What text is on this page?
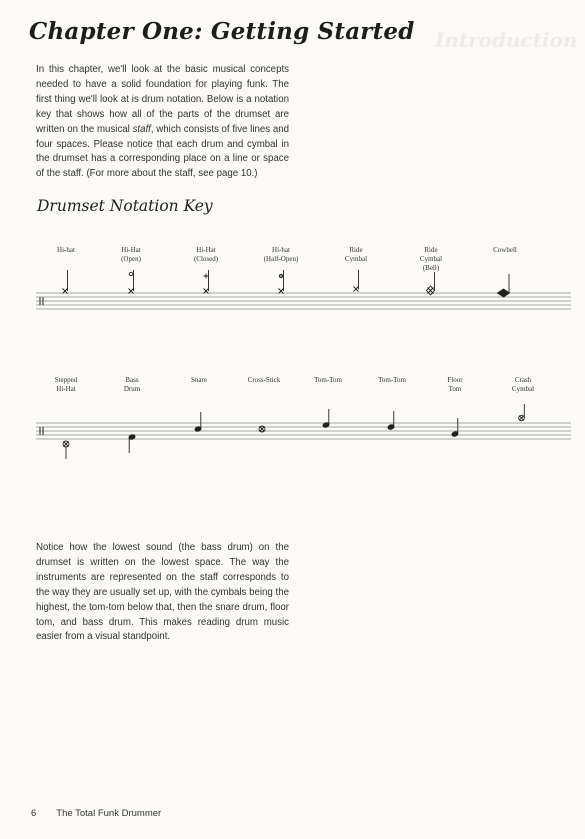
Introduction
Chapter One: Getting Started

In this chapter, we'll look at the basic musical concepts needed to have a solid foundation for playing funk. The first thing we'll look at is drum notation. Below is a notation key that shows how all of the parts of the drumset are written on the musical staff, which consists of five lines and four spaces. Please notice that each drum and cymbal in the drumset has a corresponding place on a line or space of the staff. (For more about the staff, see page 10.)

Drumset Notation Key
Hi-hat	Hi-Hat (Open)
Hi-Hat (Closed)
Hi-hat (Half-Open)
Ride Cymbal
Ride Cymbal (Bell)
Cowbell
Stepped Hi-Hat
Bass Drum
Snare	Cross-Stick	Tom-Tom	Tom-Tom	Floor Tom
Crash Cymbal

Notice how the lowest sound (the bass drum) on the drumset is written on the lowest space. The way the instruments are represented on the staff corresponds to the way they are usually set up, with the cymbals being the highest, the tom-tom below that, then the snare drum, floor tom, and bass drum. This makes reading drum music easier from a visual standpoint.

6 The Total Funk Drummer
